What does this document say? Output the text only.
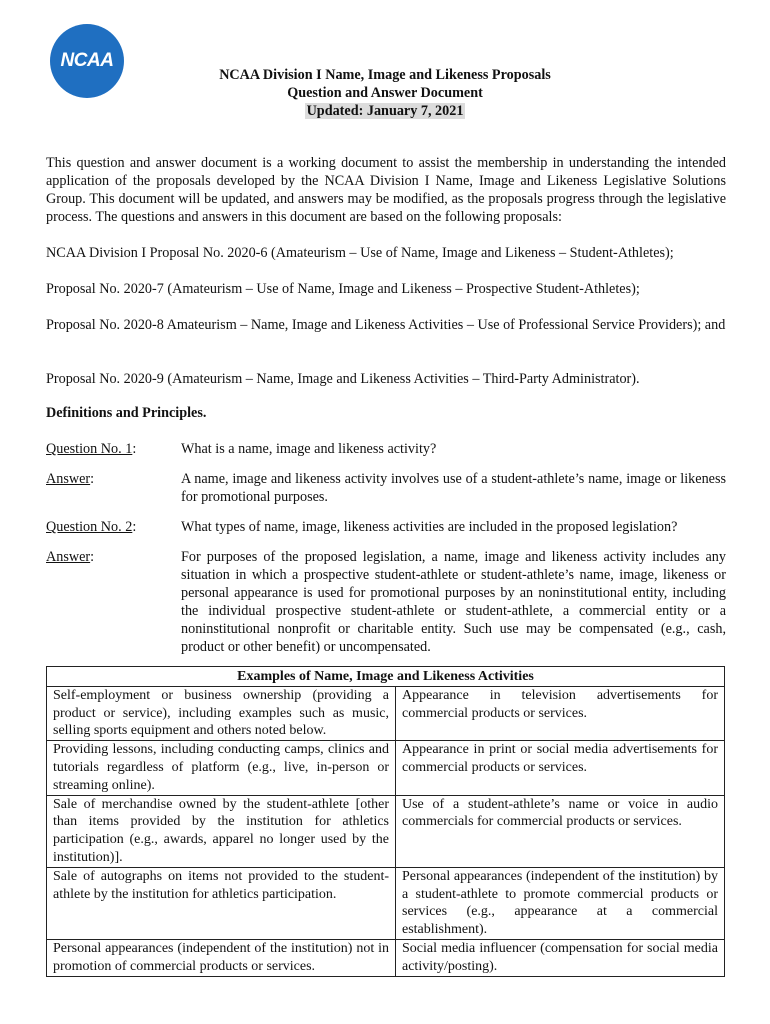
NCAA
NCAA Division I Name, Image and Likeness Proposals
Question and Answer Document
Updated: January 7, 2021

This question and answer document is a working document to assist the membership in understanding the intended application of the proposals developed by the NCAA Division I Name, Image and Likeness Legislative Solutions Group. This document will be updated, and answers may be modified, as the proposals progress through the legislative process. The questions and answers in this document are based on the following proposals:

NCAA Division I Proposal No. 2020-6 (Amateurism – Use of Name, Image and Likeness – Student-Athletes);

Proposal No. 2020-7 (Amateurism – Use of Name, Image and Likeness – Prospective Student-Athletes);

Proposal No. 2020-8 Amateurism – Name, Image and Likeness Activities – Use of Professional Service Providers); and

Proposal No. 2020-9 (Amateurism – Name, Image and Likeness Activities – Third-Party Administrator).

Definitions and Principles.
Question No. 1:	What is a name, image and likeness activity?

Answer:	A name, image and likeness activity involves use of a student-athlete’s name, image or likeness for promotional purposes.

Question No. 2:	What types of name, image, likeness activities are included in the proposed legislation?

Answer:	For purposes of the proposed legislation, a name, image and likeness activity includes any situation in which a prospective student-athlete or student-athlete’s name, image, likeness or personal appearance is used for promotional purposes by an noninstitutional entity, including the individual prospective student-athlete or student-athlete, a commercial entity or a noninstitutional nonprofit or charitable entity. Such use may be compensated (e.g., cash, product or other benefit) or uncompensated.

Examples of Name, Image and Likeness Activities	
Self-employment or business ownership (providing a product or service), including examples such as music, selling sports equipment and others noted below.	Appearance in television advertisements for commercial products or services.
Providing lessons, including conducting camps, clinics and tutorials regardless of platform (e.g., live, in-person or streaming online).	Appearance in print or social media advertisements for commercial products or services.
Sale of merchandise owned by the student-athlete [other than items provided by the institution for athletics participation (e.g., awards, apparel no longer used by the institution)].	Use of a student-athlete’s name or voice in audio commercials for commercial products or services.
Sale of autographs on items not provided to the student-athlete by the institution for athletics participation.	Personal appearances (independent of the institution) by a student-athlete to promote commercial products or services (e.g., appearance at a commercial establishment).
Personal appearances (independent of the institution) not in promotion of commercial products or services.	Social media influencer (compensation for social media activity/posting).
